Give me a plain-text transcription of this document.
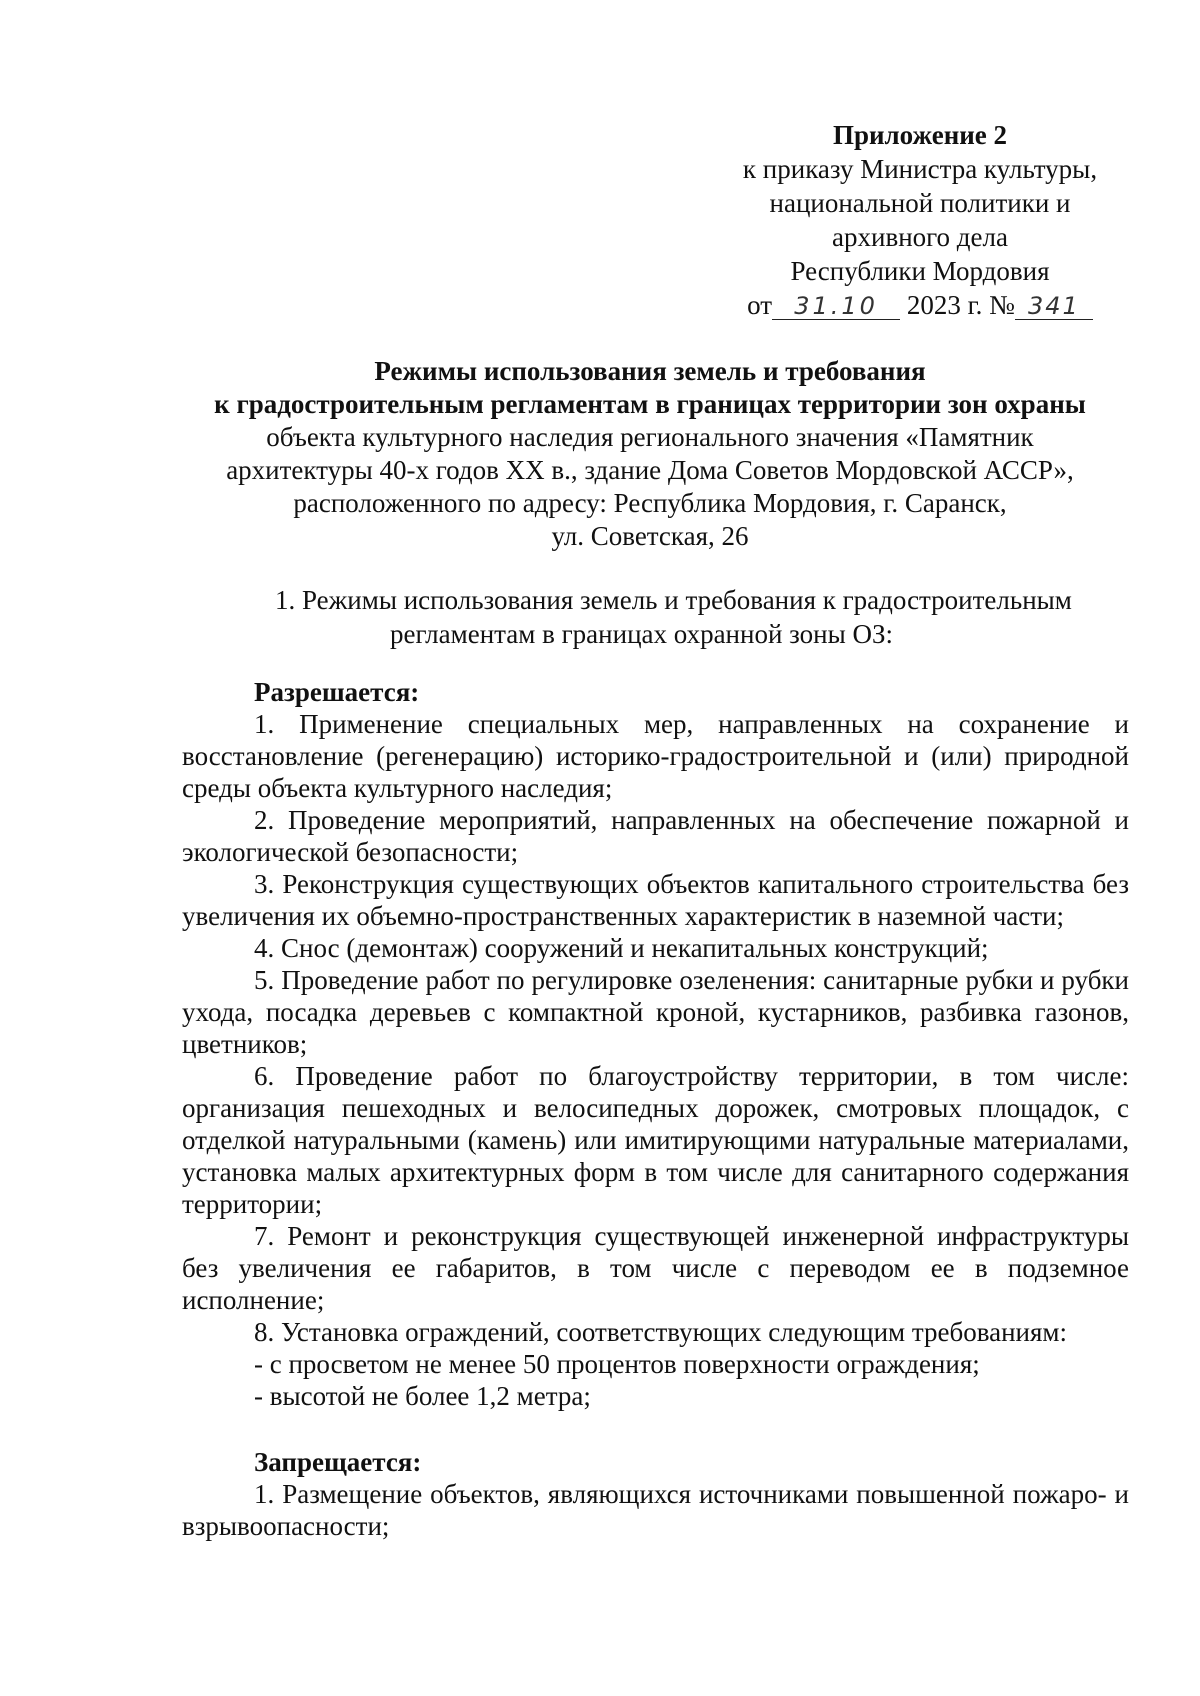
Приложение 2
к приказу Министра культуры,
национальной политики и
архивного дела
Республики Мордовия
от 31.10 2023 г. № 341
Режимы использования земель и требования
к градостроительным регламентам в границах территории зон охраны
объекта культурного наследия регионального значения «Памятник
архитектуры 40-х годов XX в., здание Дома Советов Мордовской АССР»,
расположенного по адресу: Республика Мордовия, г. Саранск,
ул. Советская, 26
1. Режимы использования земель и требования к градостроительным
регламентам в границах охранной зоны ОЗ:

Разрешается:

1. Применение специальных мер, направленных на сохранение и восстановление (регенерацию) историко-градостроительной и (или) природной среды объекта культурного наследия;

2. Проведение мероприятий, направленных на обеспечение пожарной и экологической безопасности;

3. Реконструкция существующих объектов капитального строительства без увеличения их объемно-пространственных характеристик в наземной части;

4. Снос (демонтаж) сооружений и некапитальных конструкций;

5. Проведение работ по регулировке озеленения: санитарные рубки и рубки ухода, посадка деревьев с компактной кроной, кустарников, разбивка газонов, цветников;

6. Проведение работ по благоустройству территории, в том числе: организация пешеходных и велосипедных дорожек, смотровых площадок, с отделкой натуральными (камень) или имитирующими натуральные материалами, установка малых архитектурных форм в том числе для санитарного содержания территории;

7. Ремонт и реконструкция существующей инженерной инфраструктуры без увеличения ее габаритов, в том числе с переводом ее в подземное исполнение;

8. Установка ограждений, соответствующих следующим требованиям:

- с просветом не менее 50 процентов поверхности ограждения;

- высотой не более 1,2 метра;

Запрещается:

1. Размещение объектов, являющихся источниками повышенной пожаро- и взрывоопасности;
